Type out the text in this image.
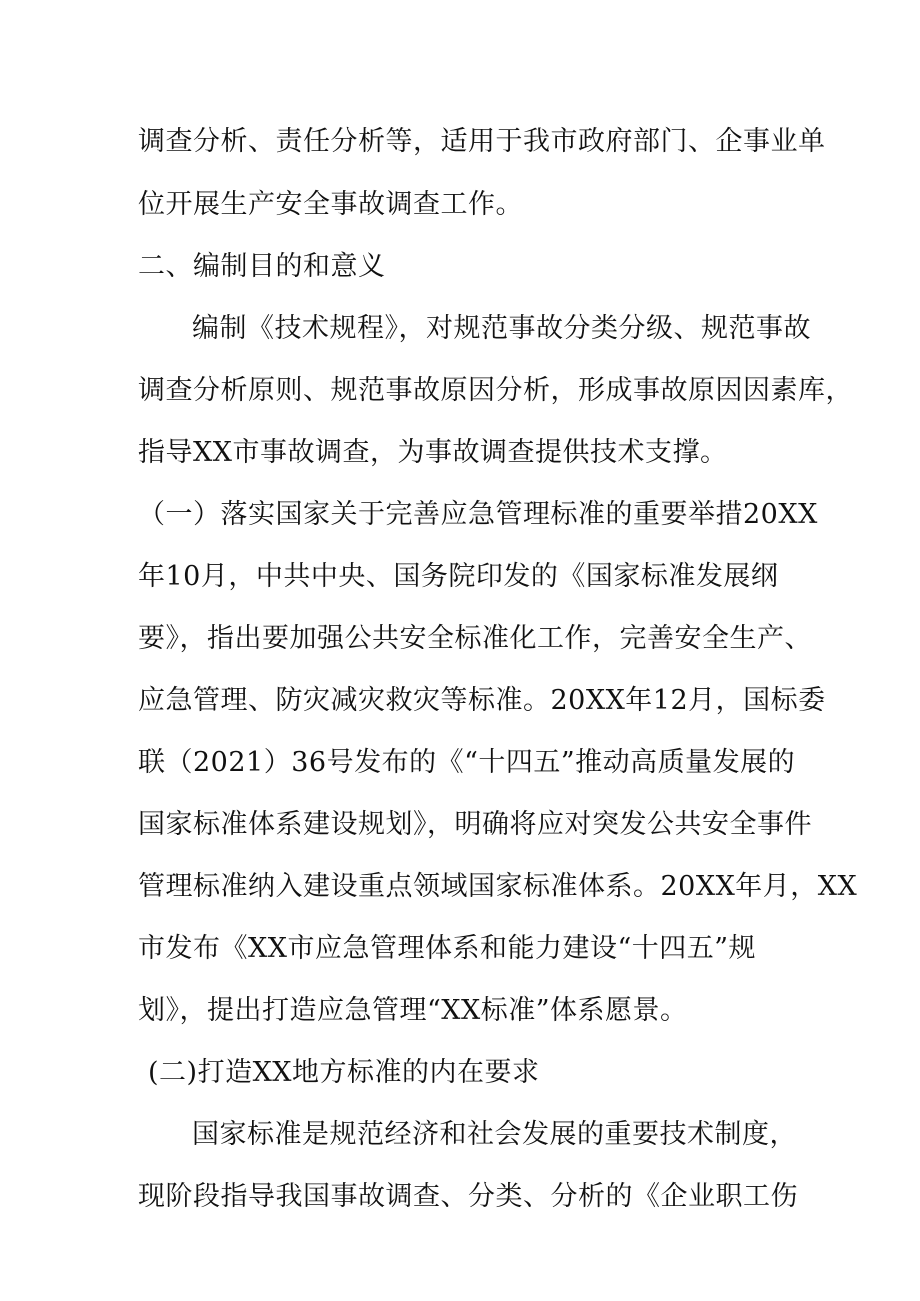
调查分析、责任分析等，适用于我市政府部门、企事业单
位开展生产安全事故调查工作。
二、编制目的和意义
编制《技术规程》，对规范事故分类分级、规范事故
调查分析原则、规范事故原因分析，形成事故原因因素库，
指导XX市事故调查，为事故调查提供技术支撑。
（一）落实国家关于完善应急管理标准的重要举措20XX
年10月，中共中央、国务院印发的《国家标准发展纲
要》，指出要加强公共安全标准化工作，完善安全生产、
应急管理、防灾减灾救灾等标准。20XX年12月，国标委
联（2021）36号发布的《“十四五”推动高质量发展的
国家标准体系建设规划》，明确将应对突发公共安全事件
管理标准纳入建设重点领域国家标准体系。20XX年月，XX
市发布《XX市应急管理体系和能力建设“十四五”规
划》，提出打造应急管理“XX标准”体系愿景。
(二)打造XX地方标准的内在要求
国家标准是规范经济和社会发展的重要技术制度，
现阶段指导我国事故调查、分类、分析的《企业职工伤
